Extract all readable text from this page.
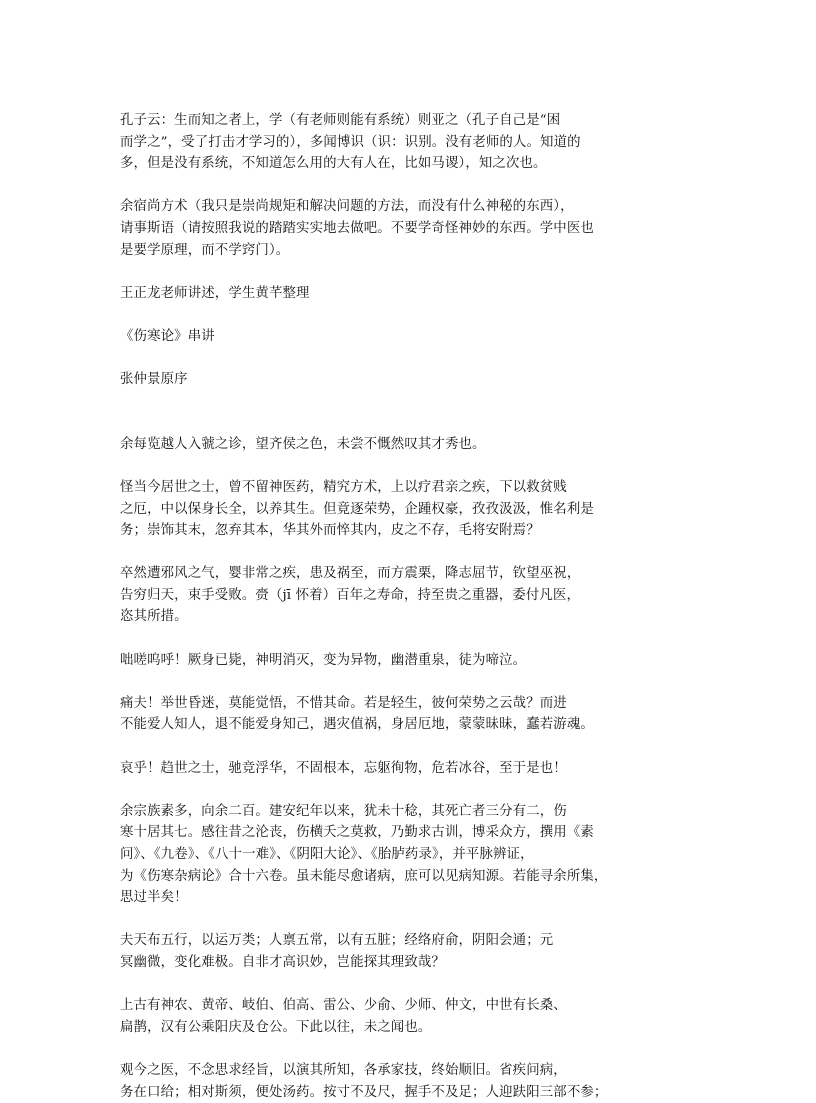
孔子云：生而知之者上，学（有老师则能有系统）则亚之（孔子自己是“困
而学之”，受了打击才学习的），多闻博识（识：识别。没有老师的人。知道的
多，但是没有系统，不知道怎么用的大有人在，比如马谡），知之次也。

余宿尚方术（我只是崇尚规矩和解决问题的方法，而没有什么神秘的东西），
请事斯语（请按照我说的踏踏实实地去做吧。不要学奇怪神妙的东西。学中医也
是要学原理，而不学窍门）。

王正龙老师讲述，学生黄芊整理

《伤寒论》串讲

张仲景原序

余每览越人入虢之诊，望齐侯之色，未尝不慨然叹其才秀也。

怪当今居世之士，曾不留神医药，精究方术，上以疗君亲之疾，下以救贫贱
之厄，中以保身长全，以养其生。但竟逐荣势，企踵权豪，孜孜汲汲，惟名利是
务；崇饰其末，忽弃其本，华其外而悴其内，皮之不存，毛将安附焉？

卒然遭邪风之气，婴非常之疾，患及祸至，而方震栗，降志屈节，钦望巫祝，
告穷归天，束手受败。赍（jī 怀着）百年之寿命，持至贵之重器，委付凡医，
恣其所措。

咄嗟呜呼！厥身已毙，神明消灭，变为异物，幽潜重泉，徒为啼泣。

痛夫！举世昏迷，莫能觉悟，不惜其命。若是轻生，彼何荣势之云哉？而进
不能爱人知人，退不能爱身知己，遇灾值祸，身居厄地，蒙蒙昧昧，蠢若游魂。

哀乎！趋世之士，驰竞浮华，不固根本，忘躯徇物，危若冰谷，至于是也！

余宗族素多，向余二百。建安纪年以来，犹未十稔，其死亡者三分有二，伤
寒十居其七。感往昔之沦丧，伤横夭之莫救，乃勤求古训，博采众方，撰用《素
问》、《九卷》、《八十一难》、《阴阳大论》、《胎胪药录》，并平脉辨证，
为《伤寒杂病论》合十六卷。虽未能尽愈诸病，庶可以见病知源。若能寻余所集，
思过半矣！

夫天布五行，以运万类；人禀五常，以有五脏；经络府俞，阴阳会通；元
冥幽微，变化难极。自非才高识妙，岂能探其理致哉？

上古有神农、黄帝、岐伯、伯高、雷公、少俞、少师、仲文，中世有长桑、
扁鹊，汉有公乘阳庆及仓公。下此以往，未之闻也。

观今之医，不念思求经旨，以演其所知，各承家技，终始顺旧。省疾问病，
务在口给；相对斯须，便处汤药。按寸不及尺，握手不及足；人迎趺阳三部不参；
